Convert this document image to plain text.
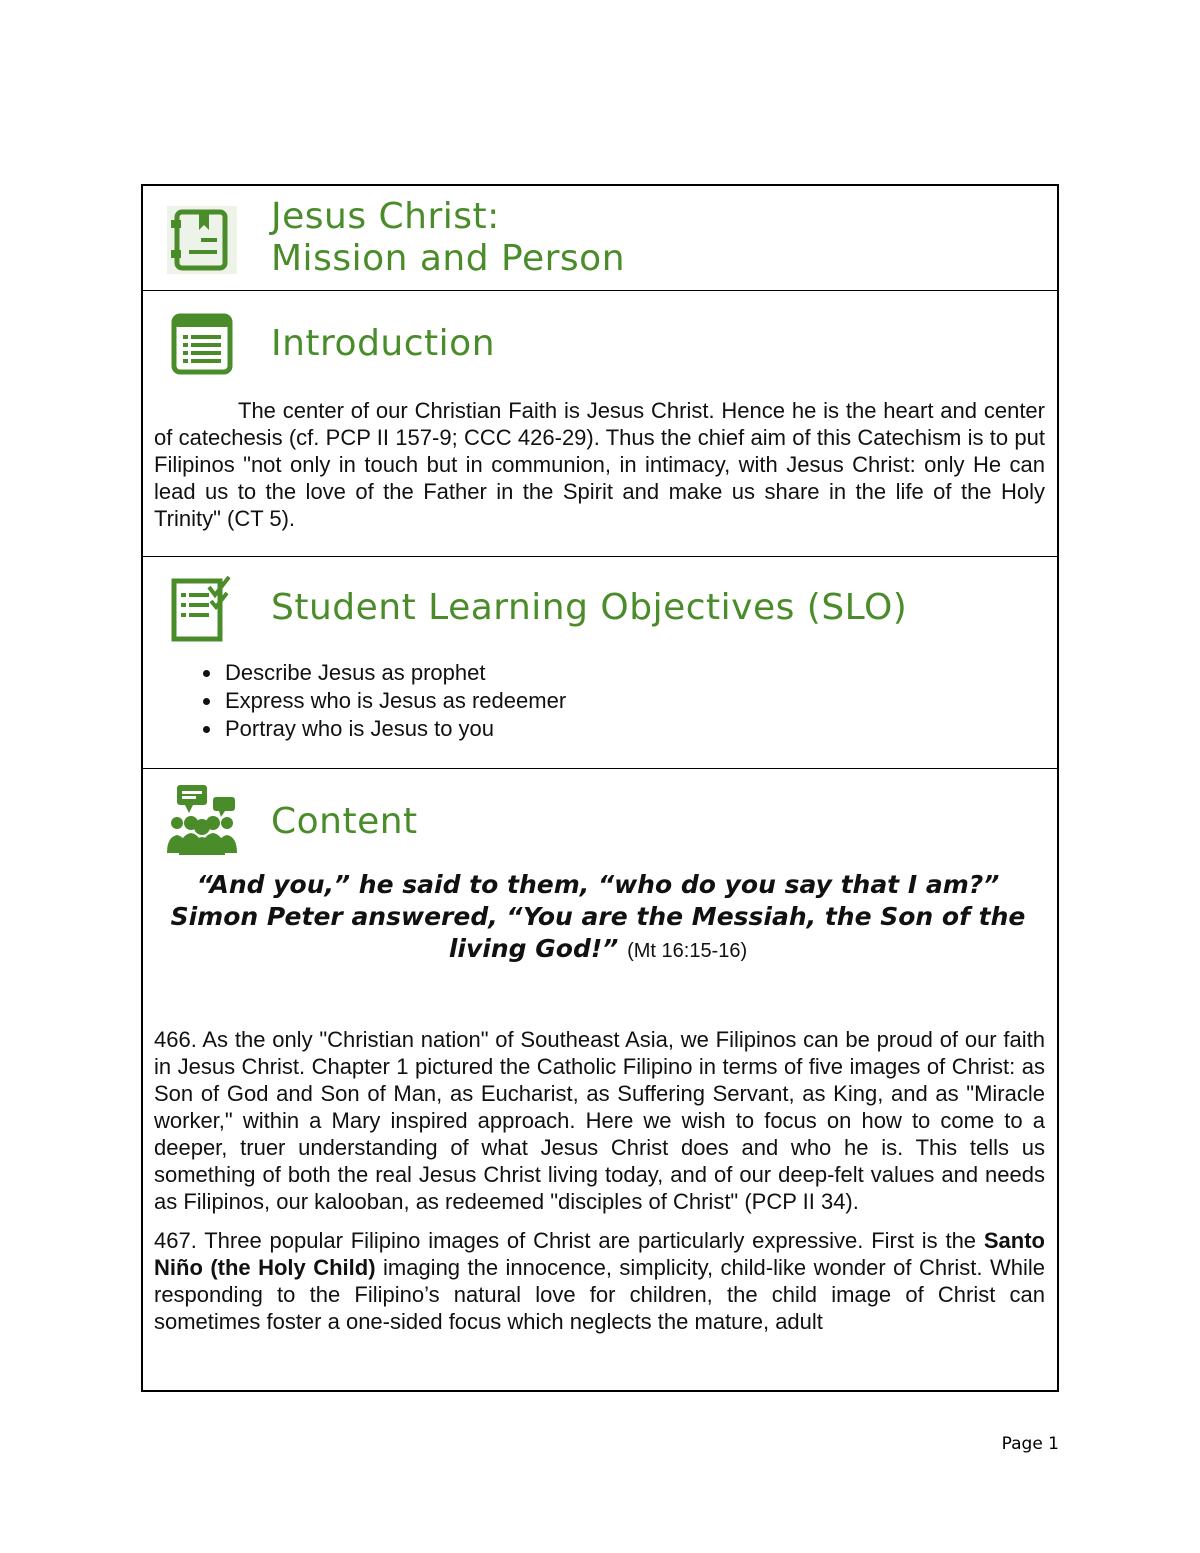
Jesus Christ:
Mission and Person
Introduction
The center of our Christian Faith is Jesus Christ. Hence he is the heart and center of catechesis (cf. PCP II 157-9; CCC 426-29). Thus the chief aim of this Catechism is to put Filipinos "not only in touch but in communion, in intimacy, with Jesus Christ: only He can lead us to the love of the Father in the Spirit and make us share in the life of the Holy Trinity" (CT 5).
Student Learning Objectives (SLO)
• Describe Jesus as prophet
• Express who is Jesus as redeemer
• Portray who is Jesus to you
Content
“And you,” he said to them, “who do you say that I am?” Simon Peter answered, “You are the Messiah, the Son of the living God!” (Mt 16:15-16)

466. As the only "Christian nation" of Southeast Asia, we Filipinos can be proud of our faith in Jesus Christ. Chapter 1 pictured the Catholic Filipino in terms of five images of Christ: as Son of God and Son of Man, as Eucharist, as Suffering Servant, as King, and as "Miracle worker," within a Mary inspired approach. Here we wish to focus on how to come to a deeper, truer understanding of what Jesus Christ does and who he is. This tells us something of both the real Jesus Christ living today, and of our deep-felt values and needs as Filipinos, our kalooban, as redeemed "disciples of Christ" (PCP II 34).

467. Three popular Filipino images of Christ are particularly expressive. First is the Santo Niño (the Holy Child) imaging the innocence, simplicity, child-like wonder of Christ. While responding to the Filipino’s natural love for children, the child image of Christ can sometimes foster a one-sided focus which neglects the mature, adult

Page 1
